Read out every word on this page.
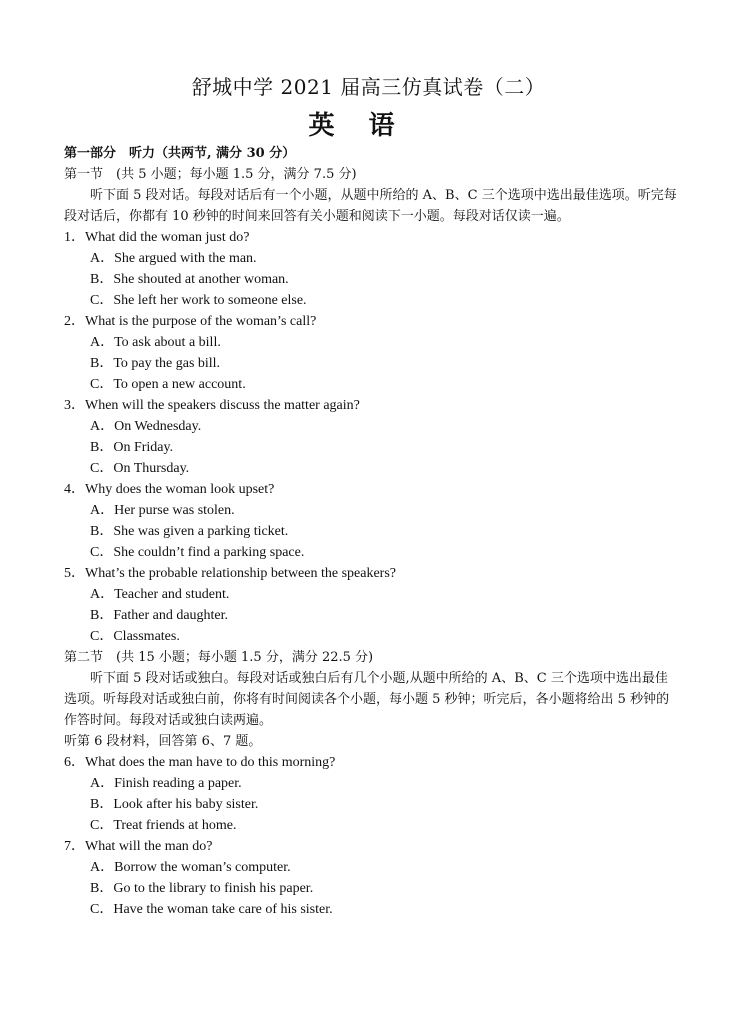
舒城中学 2021 届高三仿真试卷（二）
英语
第一部分　听力（共两节, 满分 30 分）
第一节　(共 5 小题；每小题 1.5 分，满分 7.5 分)
听下面 5 段对话。每段对话后有一个小题，从题中所给的 A、B、C 三个选项中选出最佳选项。听完每段对话后，你都有 10 秒钟的时间来回答有关小题和阅读下一小题。每段对话仅读一遍。
1．What did the woman just do?
A．She argued with the man.
B．She shouted at another woman.
C．She left her work to someone else.
2．What is the purpose of the woman’s call?
A．To ask about a bill.
B．To pay the gas bill.
C．To open a new account.
3．When will the speakers discuss the matter again?
A．On Wednesday.
B．On Friday.
C．On Thursday.
4．Why does the woman look upset?
A．Her purse was stolen.
B．She was given a parking ticket.
C．She couldn’t find a parking space.
5．What’s the probable relationship between the speakers?
A．Teacher and student.
B．Father and daughter.
C．Classmates.
第二节　(共 15 小题；每小题 1.5 分，满分 22.5 分)
听下面 5 段对话或独白。每段对话或独白后有几个小题,从题中所给的 A、B、C 三个选项中选出最佳选项。听每段对话或独白前，你将有时间阅读各个小题，每小题 5 秒钟；听完后，各小题将给出 5 秒钟的作答时间。每段对话或独白读两遍。
听第 6 段材料，回答第 6、7 题。
6．What does the man have to do this morning?
A．Finish reading a paper.
B．Look after his baby sister.
C．Treat friends at home.
7．What will the man do?
A．Borrow the woman’s computer.
B．Go to the library to finish his paper.
C．Have the woman take care of his sister.
